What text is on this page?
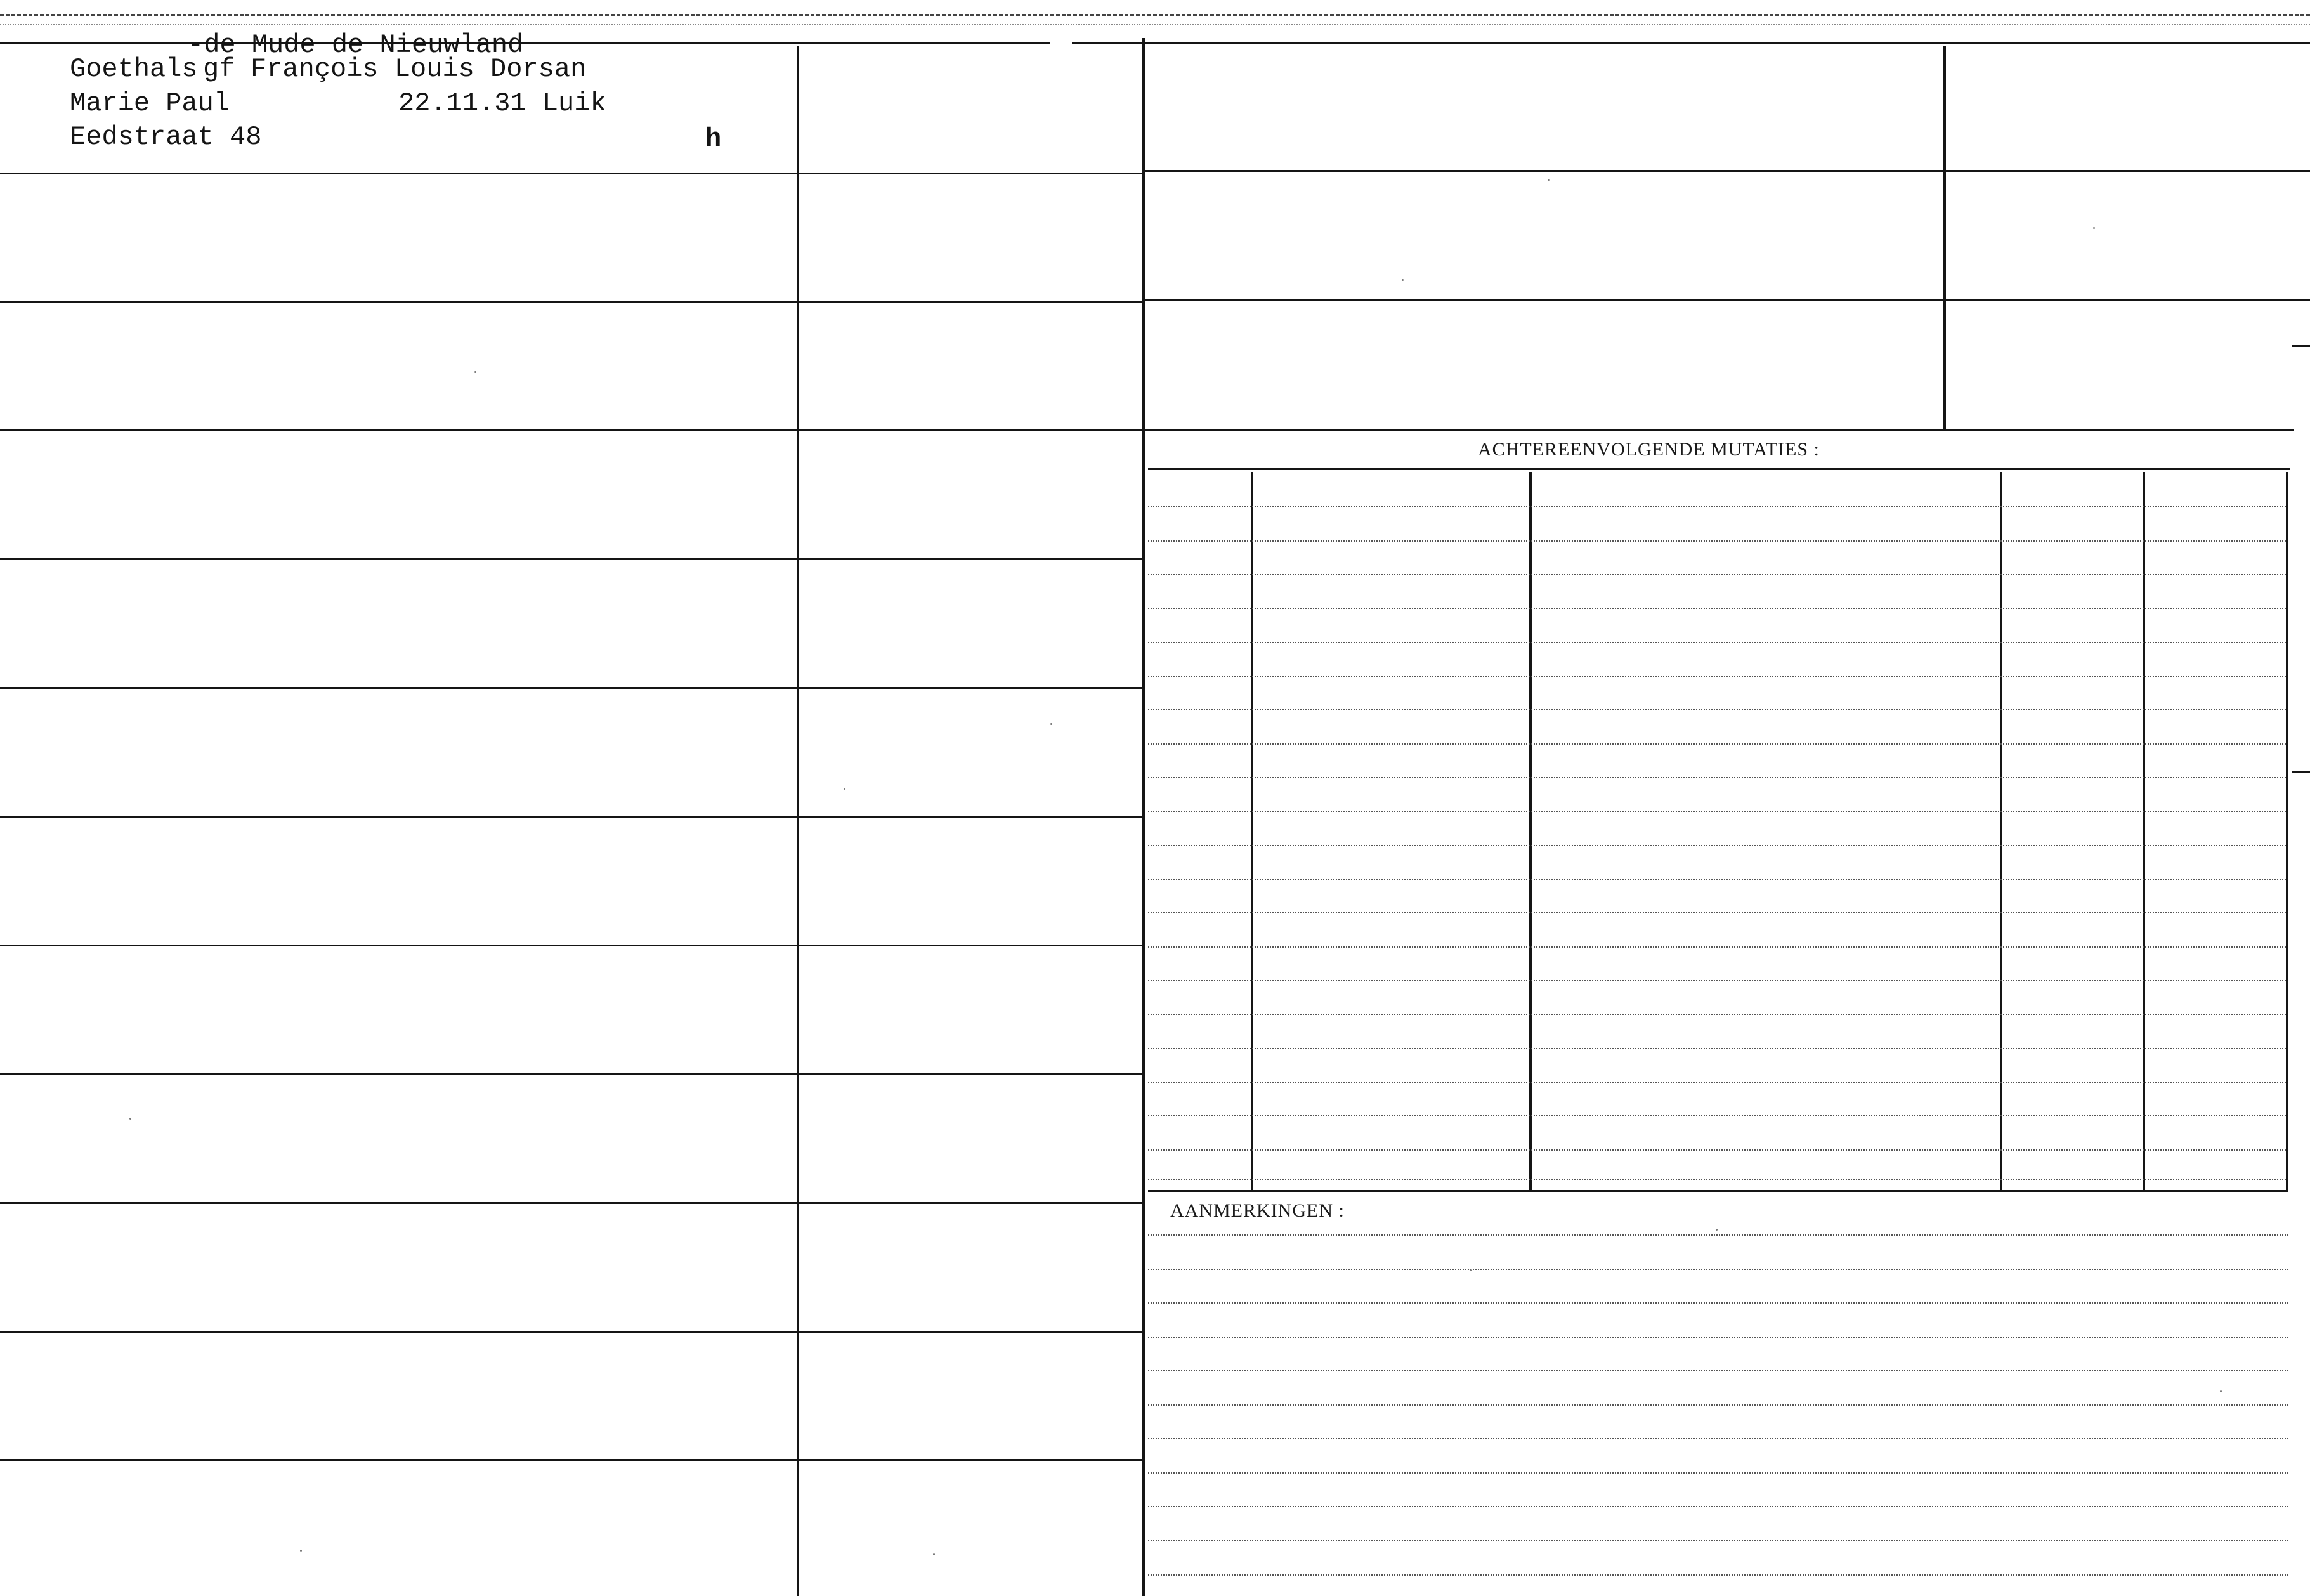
ACHTEREENVOLGENDE MUTATIES :
AANMERKINGEN :
-de Mude de Nieuwland
Goethals gf François Louis Dorsan
Marie Paul	22.11.31 Luik
Eedstraat 48	h
